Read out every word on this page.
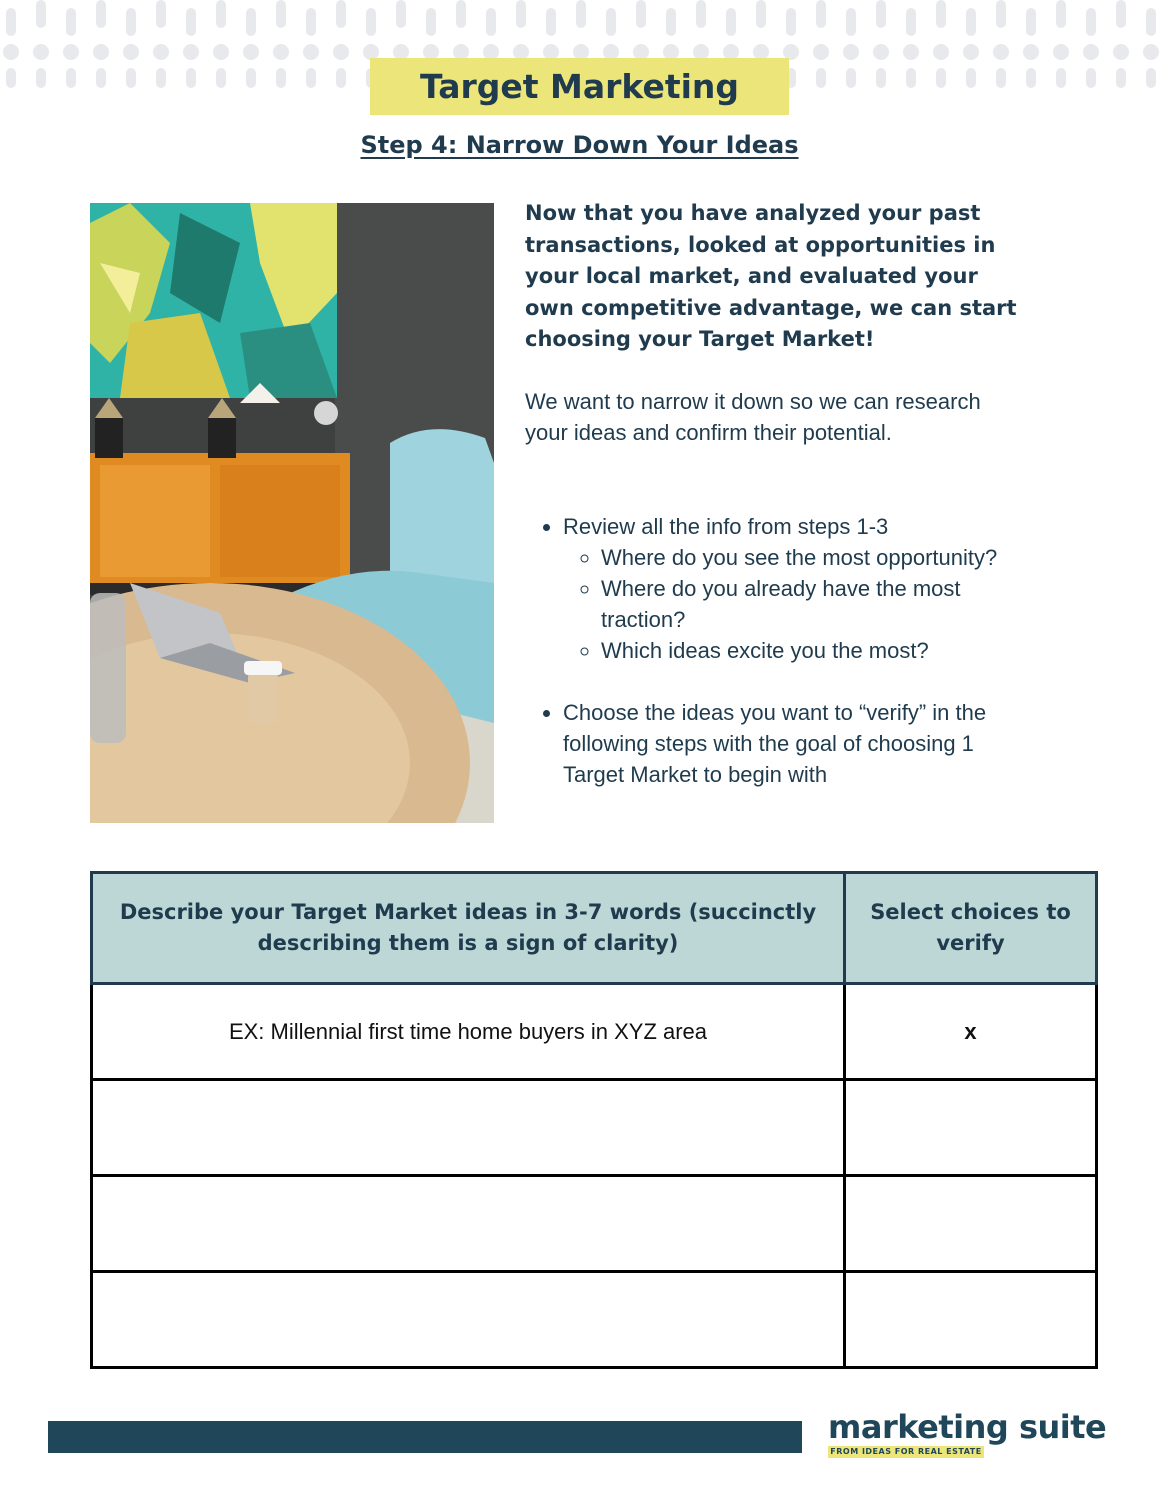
Target Marketing
Step 4: Narrow Down Your Ideas
Now that you have analyzed your past transactions, looked at opportunities in your local market, and evaluated your own competitive advantage, we can start choosing your Target Market!
We want to narrow it down so we can research your ideas and confirm their potential.
• Review all the info from steps 1-3
◦ Where do you see the most opportunity?
◦ Where do you already have the most traction?
◦ Which ideas excite you the most?
• Choose the ideas you want to “verify” in the following steps with the goal of choosing 1 Target Market to begin with
Describe your Target Market ideas in 3-7 words (succinctly describing them is a sign of clarity)	Select choices to verify
EX: Millennial first time home buyers in XYZ area	x

marketing suite
FROM IDEAS FOR REAL ESTATE
